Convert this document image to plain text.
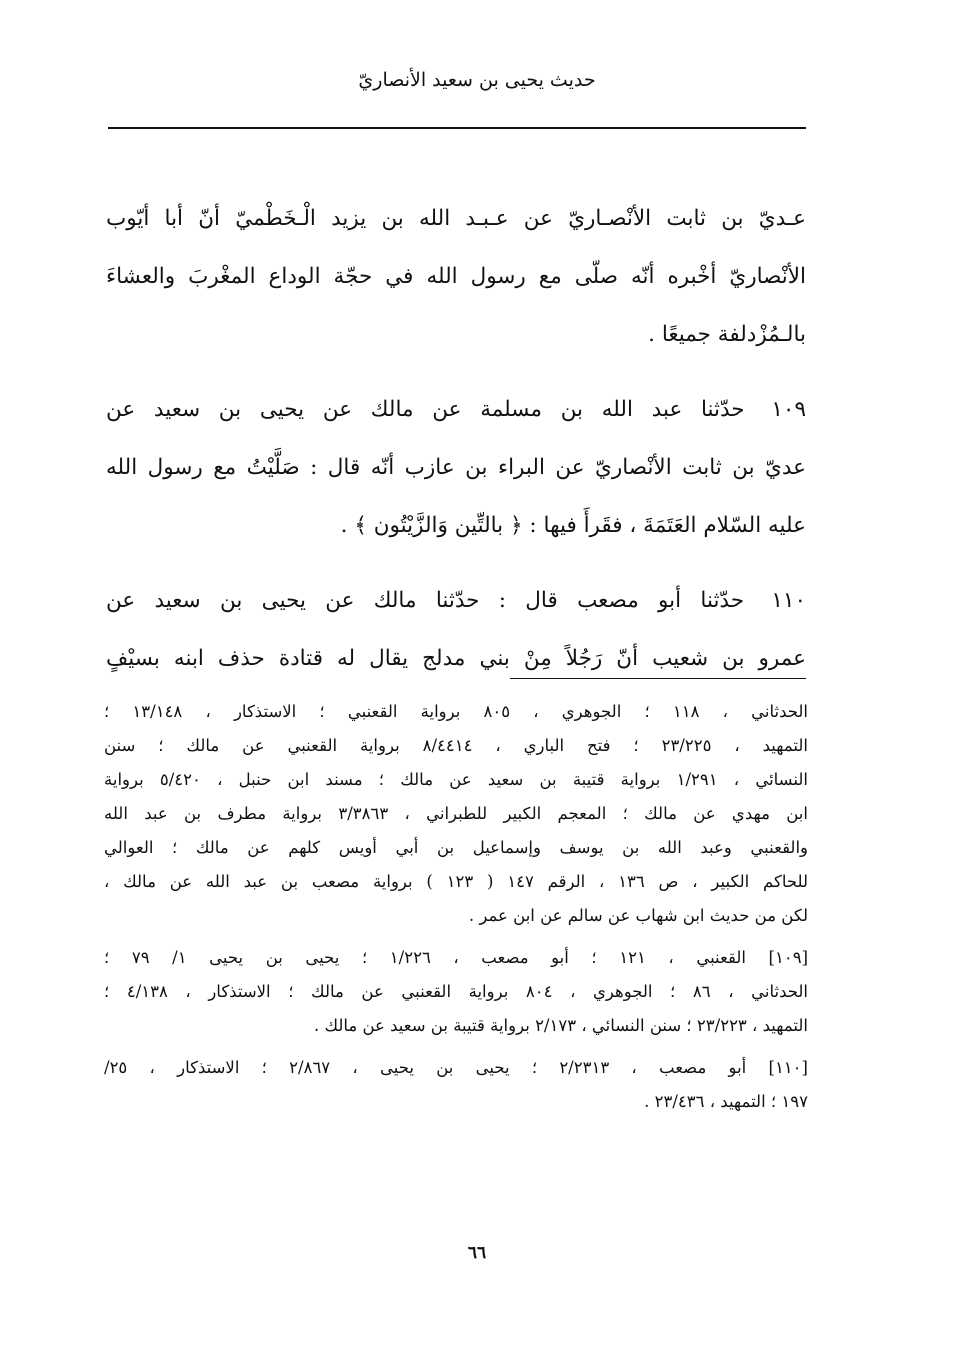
حديث يحيى بن سعيد الأنصاريّ
عـديّ بن ثابت الأنْصـاريّ عن عـبـد الله بن يزيد الْـخَطْميّ أنّ أبا أيّوب
الأنْصاريّ أخْبره أنّه صلّى مع رسول الله في حجّة الوداع المغْربَ والعشاءَ
بالـمُزْدلفة جميعًا .
١٠٩ حدّثنا عبد الله بن مسلمة عن مالك عن يحيى بن سعيد عن
عديّ بن ثابت الأنْصاريّ عن البراء بن عازب أنّه قال : صَلَّيْتُ مع رسول الله
عليه السّلام العَتَمَةَ ، فقَرأَ فيها : ﴿ بالتِّين وَالزَّيْتُون ﴾ .
١١٠ حدّثنا أبو مصعب قال : حدّثنا مالك عن يحيى بن سعيد عن
عمرو بن شعيب أنّ رَجُلاً مِنْ بني مدلج يقال له قتادة حذف ابنه بسيْفٍ
الحدثاني ، ١١٨ ؛ الجوهري ، ٨٠٥ برواية القعنبي ؛ الاستذكار ، ١٣/١٤٨ ؛
التمهيد ، ٢٣/٢٢٥ ؛ فتح الباري ، ٨/٤٤١٤ برواية القعنبي عن مالك ؛ سنن
النسائي ، ١/٢٩١ برواية قتيبة بن سعيد عن مالك ؛ مسند ابن حنبل ، ٥/٤٢٠ برواية
ابن مهدي عن مالك ؛ المعجم الكبير للطبراني ، ٣/٣٨٦٣ برواية مطرف بن عبد الله
والقعنبي وعبد الله بن يوسف وإسماعيل بن أبي أويس كلهم عن مالك ؛ العوالي
للحاكم الكبير ، ص ١٣٦ ، الرقم ١٤٧ ( ١٢٣ ) برواية مصعب بن عبد الله عن مالك ،
لكن من حديث ابن شهاب عن سالم عن ابن عمر .
[١٠٩] القعنبي ، ١٢١ ؛ أبو مصعب ، ١/٢٢٦ ؛ يحيى بن يحيى ١/ ٧٩ ؛
الحدثاني ، ٨٦ ؛ الجوهري ، ٨٠٤ برواية القعنبي عن مالك ؛ الاستذكار ، ٤/١٣٨ ؛
التمهيد ، ٢٣/٢٢٣ ؛ سنن النسائي ، ٢/١٧٣ برواية قتيبة بن سعيد عن مالك .
[١١٠] أبو مصعب ، ٢/٢٣١٣ ؛ يحيى بن يحيى ، ٢/٨٦٧ ؛ الاستذكار ، ٢٥/
١٩٧ ؛ التمهيد ، ٢٣/٤٣٦ .
٦٦
